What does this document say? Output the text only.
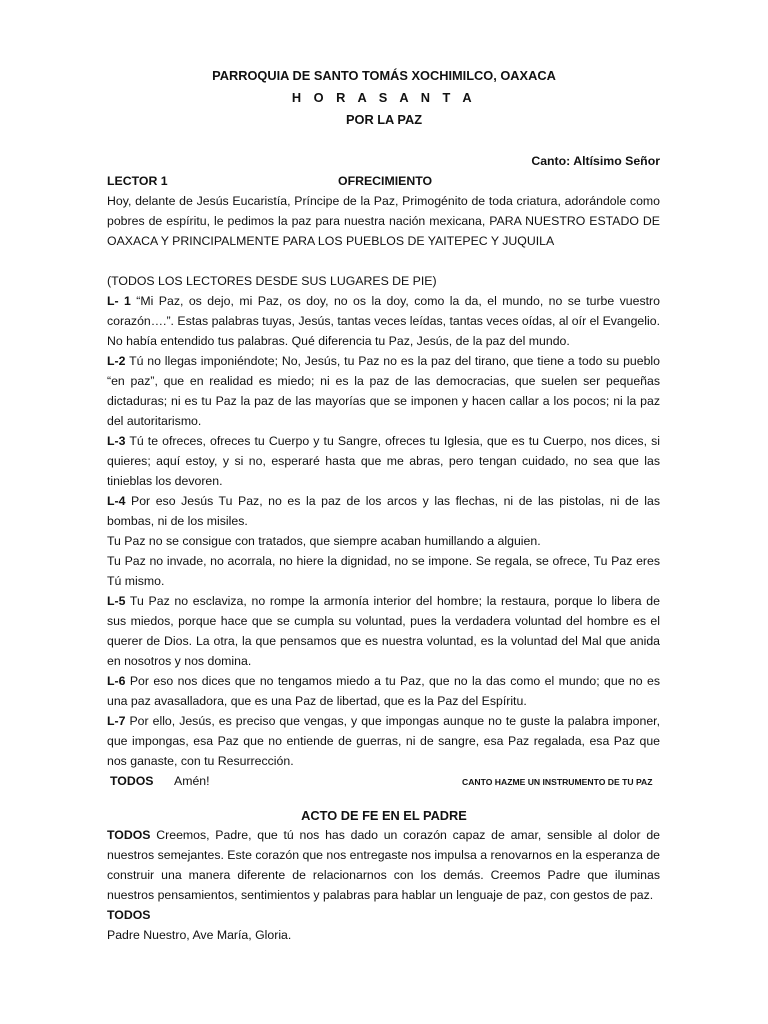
PARROQUIA DE SANTO TOMÁS XOCHIMILCO, OAXACA
H O R A S A N T A
POR LA PAZ
Canto: Altísimo Señor
LECTOR 1	OFRECIMIENTO

Hoy, delante de Jesús Eucaristía, Príncipe de la Paz, Primogénito de toda criatura, adorándole como pobres de espíritu, le pedimos la paz para nuestra nación mexicana, PARA NUESTRO ESTADO DE OAXACA Y PRINCIPALMENTE PARA LOS PUEBLOS DE YAITEPEC Y JUQUILA

(TODOS LOS LECTORES DESDE SUS LUGARES DE PIE)

L- 1 “Mi Paz, os dejo, mi Paz, os doy, no os la doy, como la da, el mundo, no se turbe vuestro corazón….”. Estas palabras tuyas, Jesús, tantas veces leídas, tantas veces oídas, al oír el Evangelio. No había entendido tus palabras. Qué diferencia tu Paz, Jesús, de la paz del mundo.

L-2 Tú no llegas imponiéndote; No, Jesús, tu Paz no es la paz del tirano, que tiene a todo su pueblo “en paz”, que en realidad es miedo; ni es la paz de las democracias, que suelen ser pequeñas dictaduras; ni es tu Paz la paz de las mayorías que se imponen y hacen callar a los pocos; ni la paz del autoritarismo.

L-3 Tú te ofreces, ofreces tu Cuerpo y tu Sangre, ofreces tu Iglesia, que es tu Cuerpo, nos dices, si quieres; aquí estoy, y si no, esperaré hasta que me abras, pero tengan cuidado, no sea que las tinieblas los devoren.

L-4 Por eso Jesús Tu Paz, no es la paz de los arcos y las flechas, ni de las pistolas, ni de las bombas, ni de los misiles.

Tu Paz no se consigue con tratados, que siempre acaban humillando a alguien.

Tu Paz no invade, no acorrala, no hiere la dignidad, no se impone. Se regala, se ofrece, Tu Paz eres Tú mismo.

L-5 Tu Paz no esclaviza, no rompe la armonía interior del hombre; la restaura, porque lo libera de sus miedos, porque hace que se cumpla su voluntad, pues la verdadera voluntad del hombre es el querer de Dios. La otra, la que pensamos que es nuestra voluntad, es la voluntad del Mal que anida en nosotros y nos domina.

L-6 Por eso nos dices que no tengamos miedo a tu Paz, que no la das como el mundo; que no es una paz avasalladora, que es una Paz de libertad, que es la Paz del Espíritu.

L-7 Por ello, Jesús, es preciso que vengas, y que impongas aunque no te guste la palabra imponer, que impongas, esa Paz que no entiende de guerras, ni de sangre, esa Paz regalada, esa Paz que nos ganaste, con tu Resurrección.

TODOS Amén!	CANTO HAZME UN INSTRUMENTO DE TU PAZ
ACTO DE FE EN EL PADRE

TODOS Creemos, Padre, que tú nos has dado un corazón capaz de amar, sensible al dolor de nuestros semejantes. Este corazón que nos entregaste nos impulsa a renovarnos en la esperanza de construir una manera diferente de relacionarnos con los demás. Creemos Padre que iluminas nuestros pensamientos, sentimientos y palabras para hablar un lenguaje de paz, con gestos de paz.

TODOS

Padre Nuestro, Ave María, Gloria.
